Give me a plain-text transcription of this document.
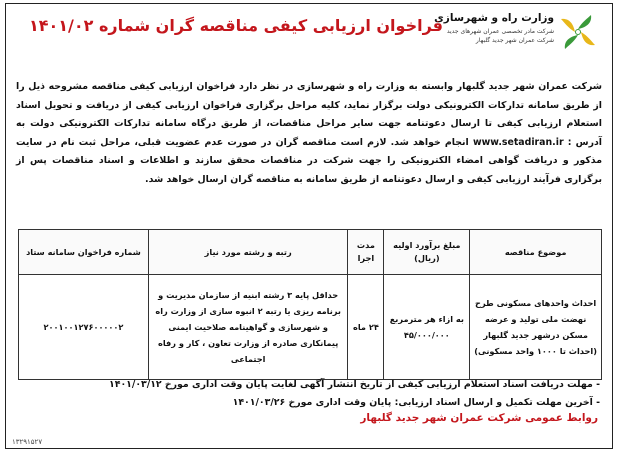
وزارت راه و شهرسازی
شرکت مادر تخصصی عمران شهرهای جدید
شرکت عمران شهر جدید گلبهار
فراخوان ارزیابی کیفی مناقصه گران شماره ۱۴۰۱/۰۲
شرکت عمران شهر جدید گلبهار وابسته به وزارت راه و شهرسازی در نظر دارد فراخوان ارزیابی کیفی مناقصه مشروحه ذیل را از طریق سامانه تدارکات الکترونیکی دولت برگزار نماید، کلیه مراحل برگزاری فراخوان ارزیابی کیفی از دریافت و تحویل اسناد استعلام ارزیابی کیفی تا ارسال دعوتنامه جهت سایر مراحل مناقصات، از طریق درگاه سامانه تدارکات الکترونیکی دولت به آدرس : www.setadiran.ir انجام خواهد شد. لازم است مناقصه گران در صورت عدم عضویت قبلی، مراحل ثبت نام در سایت مذکور و دریافت گواهی امضاء الکترونیکی را جهت شرکت در مناقصات محقق سازند و اطلاعات و اسناد مناقصات پس از برگزاری فرآیند ارزیابی کیفی و ارسال دعوتنامه از طریق سامانه به مناقصه گران ارسال خواهد شد.
موضوع مناقصه	مبلغ برآورد اولیه (ریال)	مدت اجرا	رتبه و رشته مورد نیاز	شماره فراخوان سامانه ستاد
احداث واحدهای مسکونی طرح نهضت ملی تولید و عرضه مسکن درشهر جدید گلبهار (احداث تا ۱۰۰۰ واحد مسکونی)	به ازاء هر مترمربع ۴۵/۰۰۰/۰۰۰	۲۴ ماه	حداقل پایه ۳ رشته ابنیه از سازمان مدیریت و برنامه ریزی یا رتبه ۲ انبوه سازی از وزارت راه و شهرسازی و گواهینامه صلاحیت ایمنی پیمانکاری صادره از وزارت تعاون ، کار و رفاه اجتماعی	۲۰۰۱۰۰۱۲۷۶۰۰۰۰۰۲
- مهلت دریافت اسناد استعلام ارزیابی کیفی از تاریخ انتشار آگهی لغایت پایان وقت اداری مورخ ۱۴۰۱/۰۳/۱۲
- آخرین مهلت تکمیل و ارسال اسناد ارزیابی: پایان وقت اداری مورخ ۱۴۰۱/۰۳/۲۶
روابط عمومی شرکت عمران شهر جدید گلبهار
۱۳۲۹۱۵۲۷
